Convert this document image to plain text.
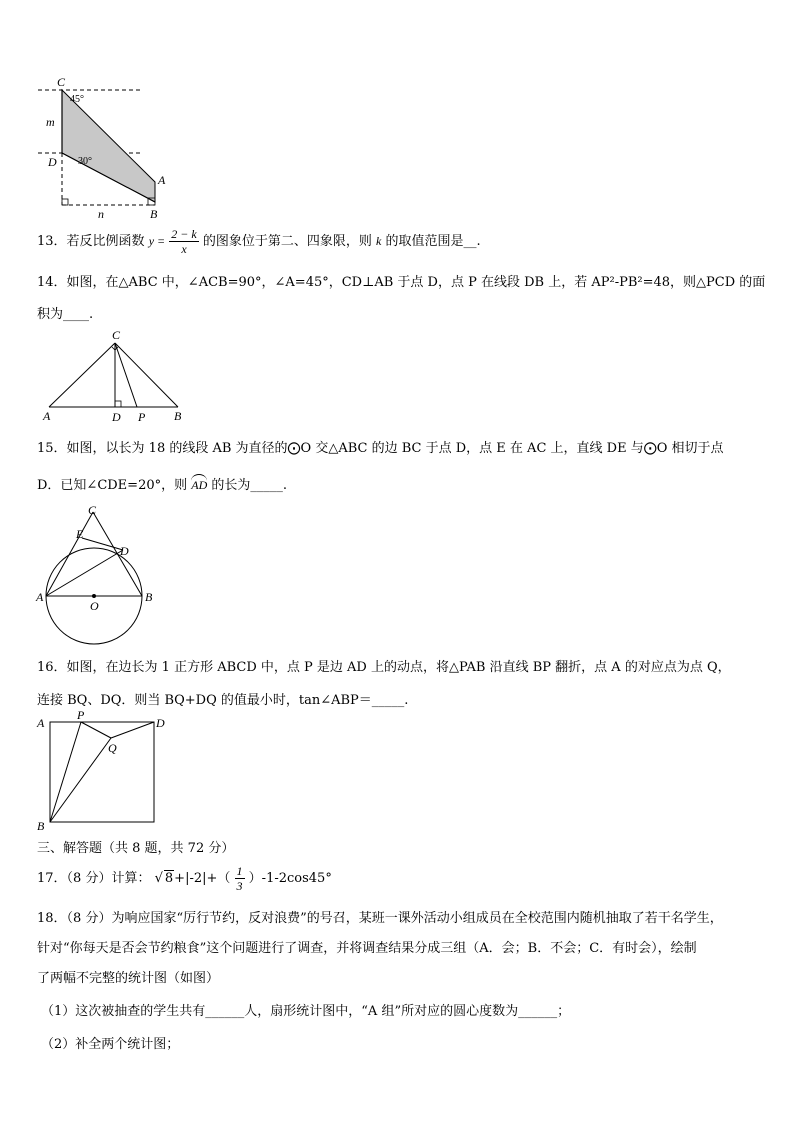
C
45°
m
D 30°
A
n	B
13．若反比例函数 $y = \frac{2 - k}{x}$ 的图象位于第二、四象限，则 k 的取值范围是__.
14．如图，在△ABC 中，∠ACB=90°，∠A=45°，CD⊥AB 于点 D，点 P 在线段 DB 上，若 AP²-PB²=48，则△PCD 的面
积为____.
C
A	D P B
15．如图，以长为 18 的线段 AB 为直径的⨀O 交△ABC 的边 BC 于点 D，点 E 在 AC 上，直线 DE 与⨀O 相切于点
D．已知∠CDE=20°，则 AD 的长为_____.
C
E
D
A
O
B
16．如图，在边长为 1 正方形 ABCD 中，点 P 是边 AD 上的动点，将△PAB 沿直线 BP 翻折，点 A 的对应点为点 Q，
连接 BQ、DQ．则当 BQ+DQ 的值最小时，tan∠ABP＝_____.
A
P
D
Q
B
三、解答题（共 8 题，共 72 分）
17．（8 分）计算： √ $8+|-2|+( \frac{1}{3} )-1-2\cos 45^\circ$
18．（8 分）为响应国家“厉行节约，反对浪费”的号召，某班一课外活动小组成员在全校范围内随机抽取了若干名学生，
针对“你每天是否会节约粮食”这个问题进行了调查，并将调查结果分成三组（A．会；B．不会；C．有时会），绘制
了两幅不完整的统计图（如图）
（1）这次被抽查的学生共有______人，扇形统计图中，“A 组”所对应的圆心度数为______；
（2）补全两个统计图；
